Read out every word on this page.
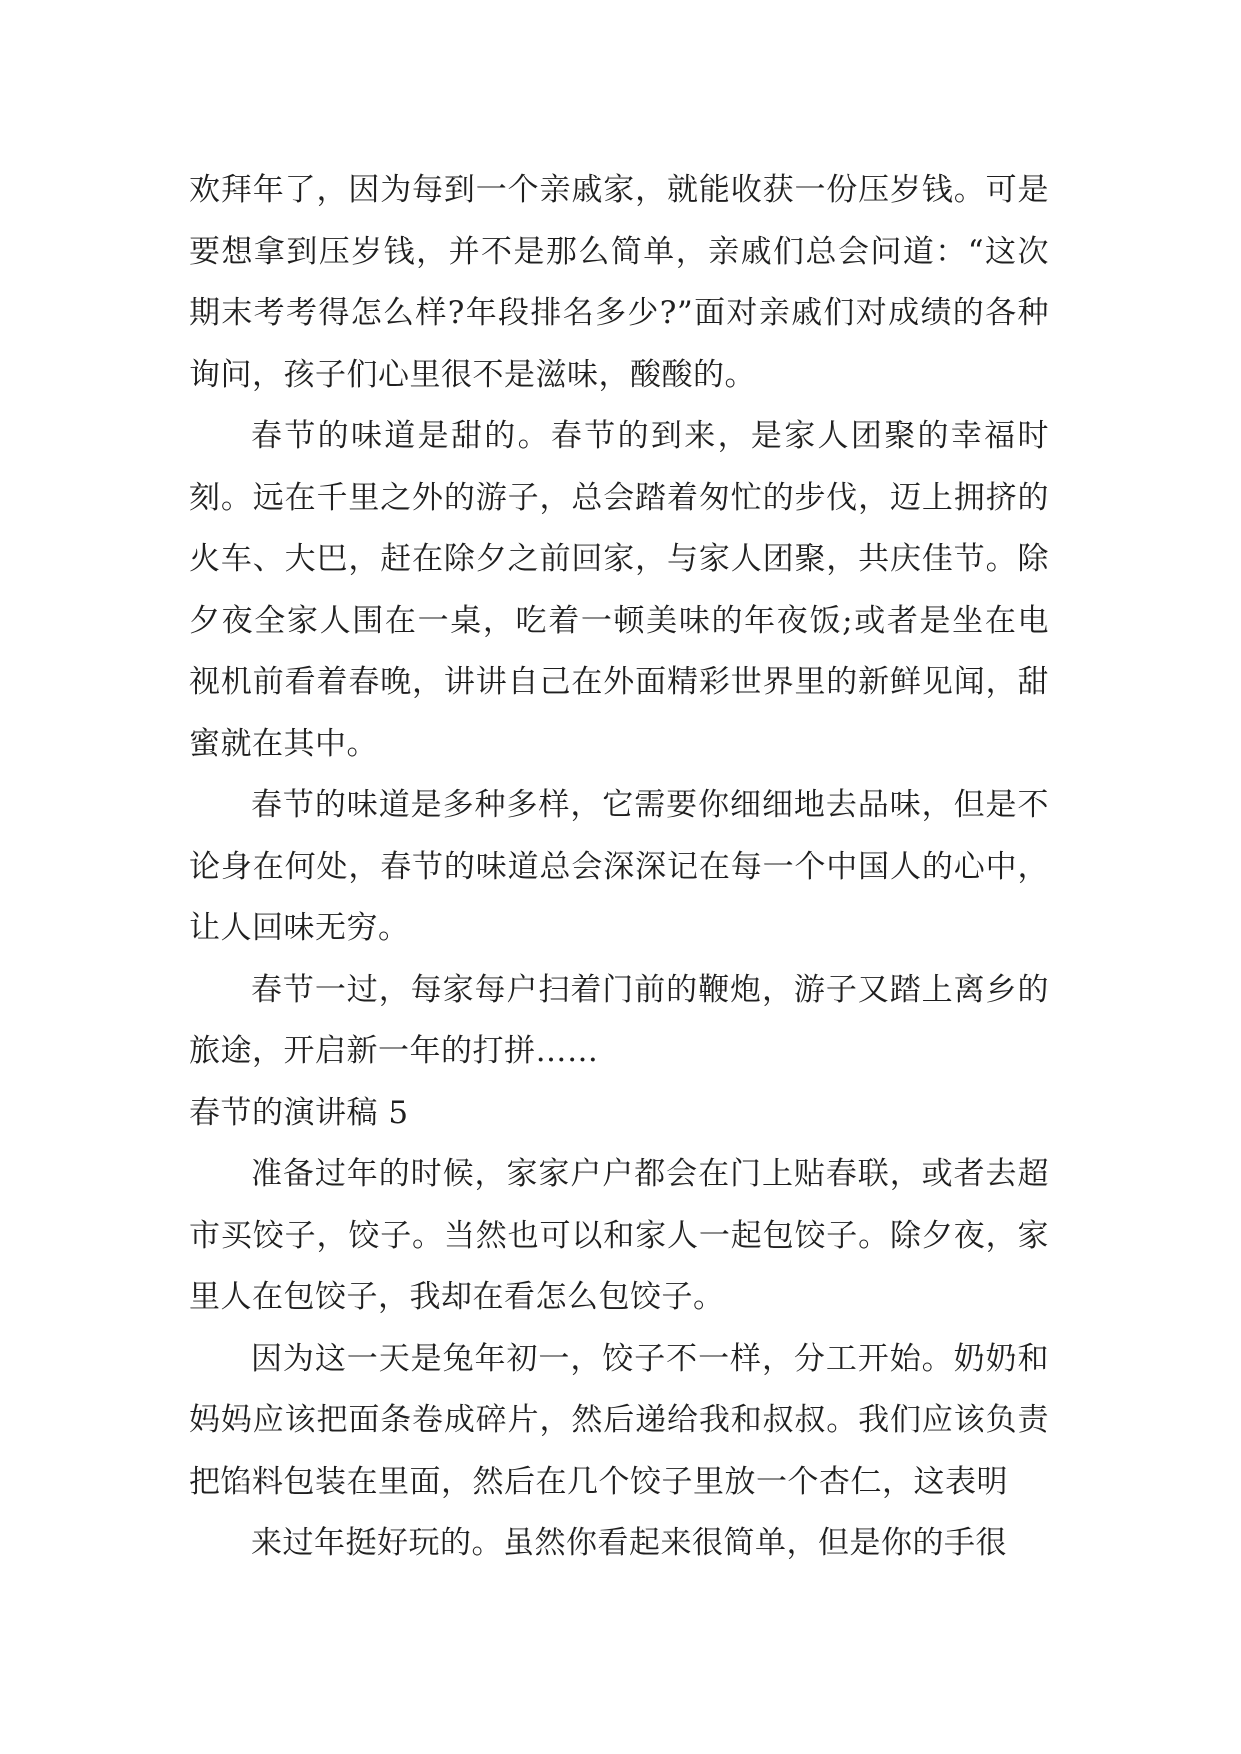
欢拜年了，因为每到一个亲戚家，就能收获一份压岁钱。可是要想拿到压岁钱，并不是那么简单，亲戚们总会问道：“这次期末考考得怎么样?年段排名多少?”面对亲戚们对成绩的各种询问，孩子们心里很不是滋味，酸酸的。

春节的味道是甜的。春节的到来，是家人团聚的幸福时刻。远在千里之外的游子，总会踏着匆忙的步伐，迈上拥挤的火车、大巴，赶在除夕之前回家，与家人团聚，共庆佳节。除夕夜全家人围在一桌，吃着一顿美味的年夜饭;或者是坐在电视机前看着春晚，讲讲自己在外面精彩世界里的新鲜见闻，甜蜜就在其中。

春节的味道是多种多样，它需要你细细地去品味，但是不论身在何处，春节的味道总会深深记在每一个中国人的心中，让人回味无穷。

春节一过，每家每户扫着门前的鞭炮，游子又踏上离乡的旅途，开启新一年的打拼……

春节的演讲稿 5

准备过年的时候，家家户户都会在门上贴春联，或者去超市买饺子，饺子。当然也可以和家人一起包饺子。除夕夜，家里人在包饺子，我却在看怎么包饺子。

因为这一天是兔年初一，饺子不一样，分工开始。奶奶和妈妈应该把面条卷成碎片，然后递给我和叔叔。我们应该负责把馅料包装在里面，然后在几个饺子里放一个杏仁，这表明

来过年挺好玩的。虽然你看起来很简单，但是你的手很
